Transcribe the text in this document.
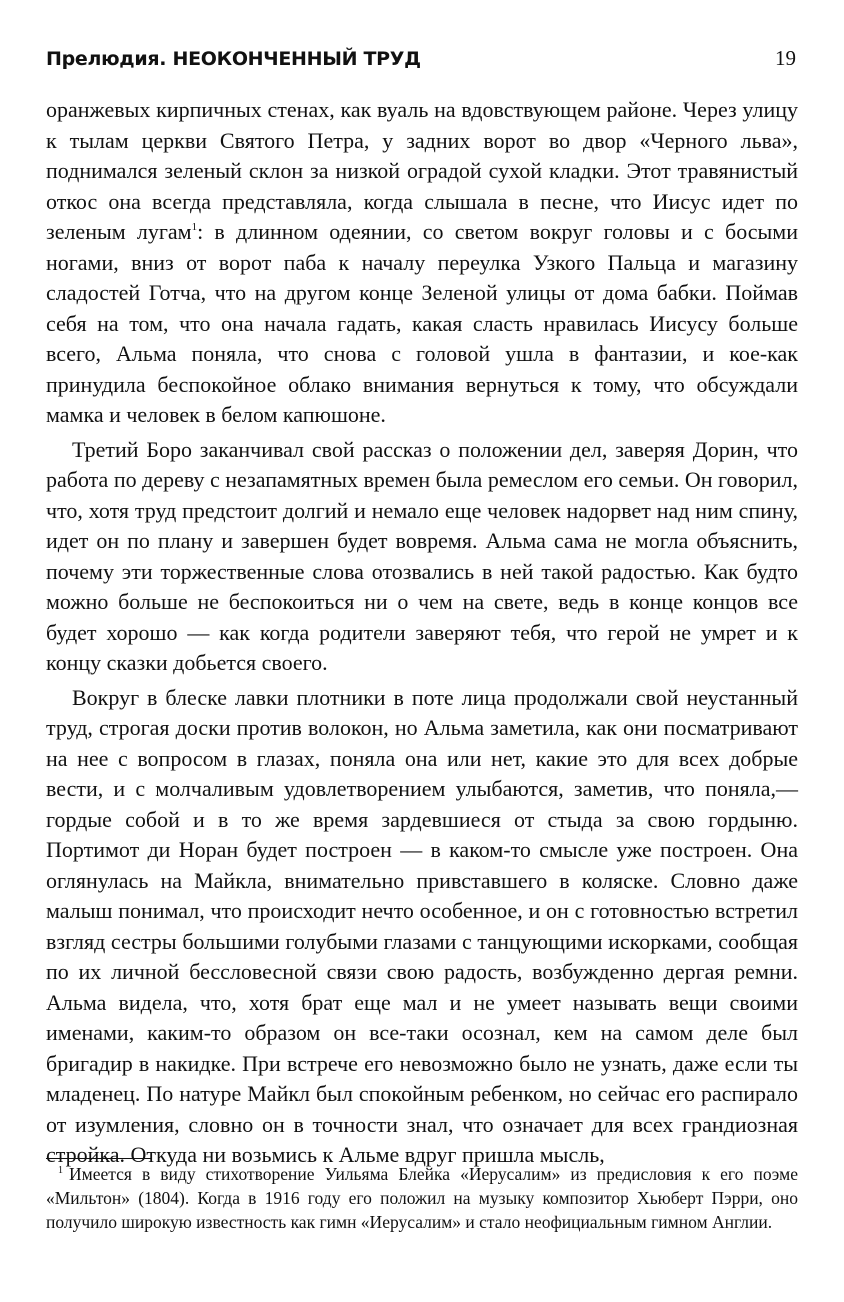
Прелюдия. НЕОКОНЧЕННЫЙ ТРУД	19

оранжевых кирпичных стенах, как вуаль на вдовствующем районе. Через улицу к тылам церкви Святого Петра, у задних ворот во двор «Черного льва», поднимался зеленый склон за низкой оградой сухой кладки. Этот травянистый откос она всегда представляла, когда слышала в песне, что Иисус идет по зеленым лугам$^1$: в длинном одеянии, со светом вокруг головы и с босыми ногами, вниз от ворот паба к началу переулка Узкого Пальца и магазину сладостей Готча, что на другом конце Зеленой улицы от дома бабки. Поймав себя на том, что она начала гадать, какая сласть нравилась Иисусу больше всего, Альма поняла, что снова с головой ушла в фантазии, и кое-как принудила беспокойное облако внимания вернуться к тому, что обсуждали мамка и человек в белом капюшоне.

Третий Боро заканчивал свой рассказ о положении дел, заверяя Дорин, что работа по дереву с незапамятных времен была ремеслом его семьи. Он говорил, что, хотя труд предстоит долгий и немало еще человек надорвет над ним спину, идет он по плану и завершен будет вовремя. Альма сама не могла объяснить, почему эти торжественные слова отозвались в ней такой радостью. Как будто можно больше не беспокоиться ни о чем на свете, ведь в конце концов все будет хорошо — как когда родители заверяют тебя, что герой не умрет и к концу сказки добьется своего.

Вокруг в блеске лавки плотники в поте лица продолжали свой неустанный труд, строгая доски против волокон, но Альма заметила, как они посматривают на нее с вопросом в глазах, поняла она или нет, какие это для всех добрые вести, и с молчаливым удовлетворением улыбаются, заметив, что поняла,— гордые собой и в то же время зардевшиеся от стыда за свою гордыню. Портимот ди Норан будет построен — в каком-то смысле уже построен. Она оглянулась на Майкла, внимательно привставшего в коляске. Словно даже малыш понимал, что происходит нечто особенное, и он с готовностью встретил взгляд сестры большими голубыми глазами с танцующими искорками, сообщая по их личной бессловесной связи свою радость, возбужденно дергая ремни. Альма видела, что, хотя брат еще мал и не умеет называть вещи своими именами, каким-то образом он все-таки осознал, кем на самом деле был бригадир в накидке. При встрече его невозможно было не узнать, даже если ты младенец. По натуре Майкл был спокойным ребенком, но сейчас его распирало от изумления, словно он в точности знал, что означает для всех грандиозная стройка. Откуда ни возьмись к Альме вдруг пришла мысль,

$^1$ Имеется в виду стихотворение Уильяма Блейка «Иерусалим» из предисловия к его поэме «Мильтон» (1804). Когда в 1916 году его положил на музыку композитор Хьюберт Пэрри, оно получило широкую известность как гимн «Иерусалим» и стало неофициальным гимном Англии.
